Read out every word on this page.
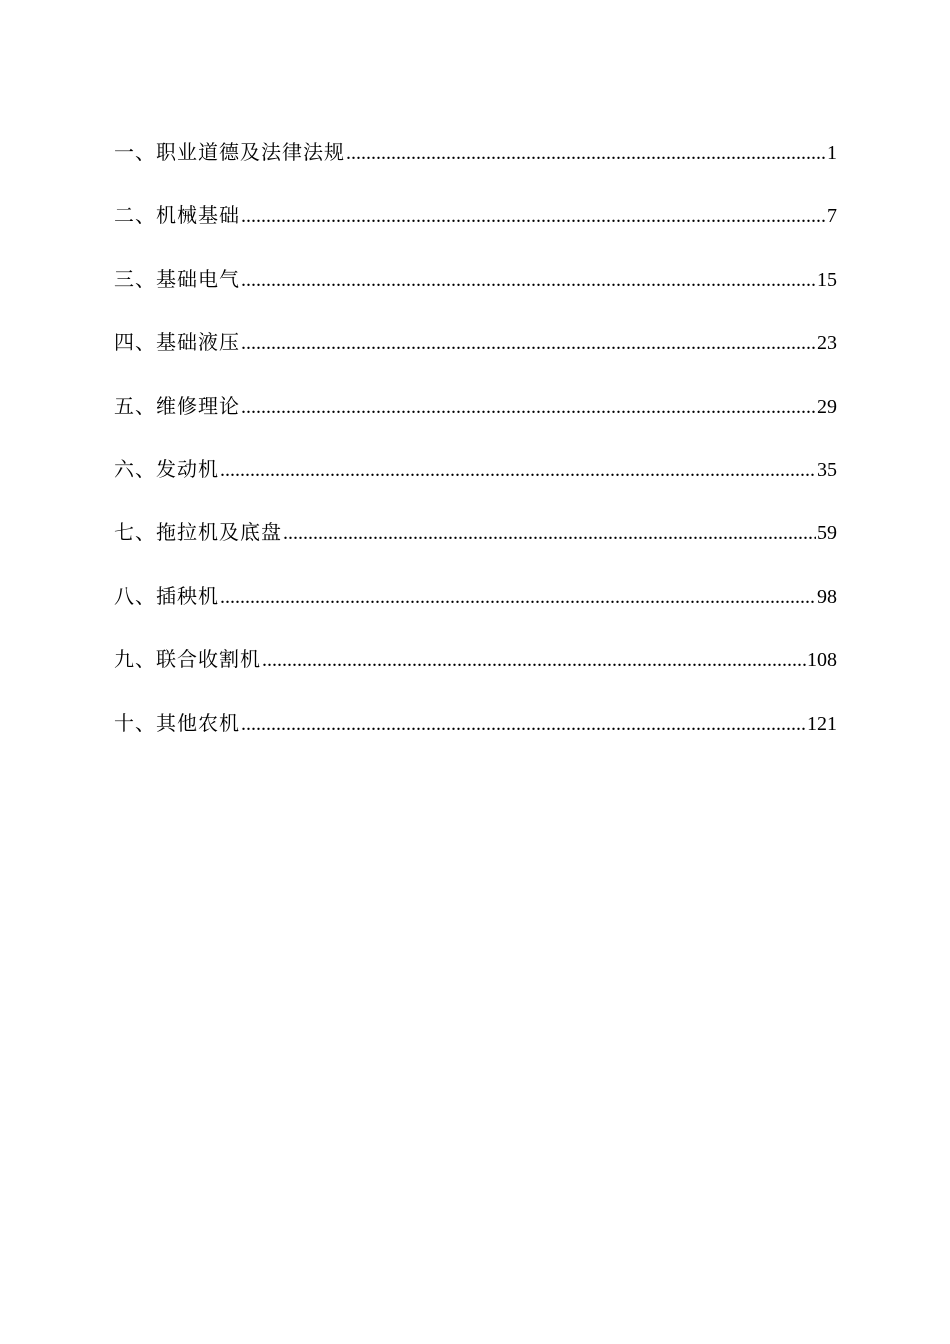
一、职业道德及法律法规 .....	1
二、机械基础 .....	7
三、基础电气 .....	15
四、基础液压 .....	23
五、维修理论 .....	29
六、发动机 .....	35
七、拖拉机及底盘 .....	59
八、插秧机 .....	98
九、联合收割机 .....	108
十、其他农机 .....	121
